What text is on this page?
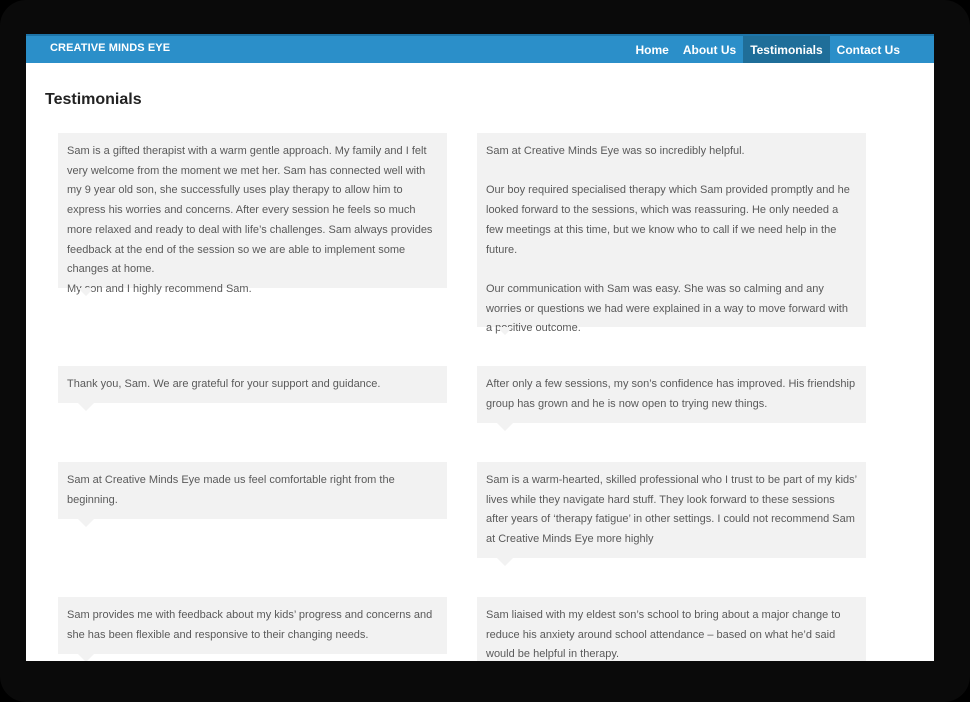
CREATIVE MINDS EYE	Home	About Us	Testimonials	Contact Us
Testimonials

Sam is a gifted therapist with a warm gentle approach. My family and I felt very welcome from the moment we met her. Sam has connected well with my 9 year old son, she successfully uses play therapy to allow him to express his worries and concerns. After every session he feels so much more relaxed and ready to deal with life’s challenges. Sam always provides feedback at the end of the session so we are able to implement some changes at home.
My son and I highly recommend Sam.

Sam at Creative Minds Eye was so incredibly helpful.

Our boy required specialised therapy which Sam provided promptly and he looked forward to the sessions, which was reassuring. He only needed a few meetings at this time, but we know who to call if we need help in the future.

Our communication with Sam was easy. She was so calming and any worries or questions we had were explained in a way to move forward with a positive outcome.

Thank you, Sam. We are grateful for your support and guidance.	After only a few sessions, my son’s confidence has improved. His friendship group has grown and he is now open to trying new things.

Sam at Creative Minds Eye made us feel comfortable right from the beginning.

Sam is a warm-hearted, skilled professional who I trust to be part of my kids’ lives while they navigate hard stuff. They look forward to these sessions after years of ‘therapy fatigue’ in other settings. I could not recommend Sam at Creative Minds Eye more highly

Sam provides me with feedback about my kids’ progress and concerns and she has been flexible and responsive to their changing needs.

Sam liaised with my eldest son’s school to bring about a major change to reduce his anxiety around school attendance – based on what he’d said would be helpful in therapy.
